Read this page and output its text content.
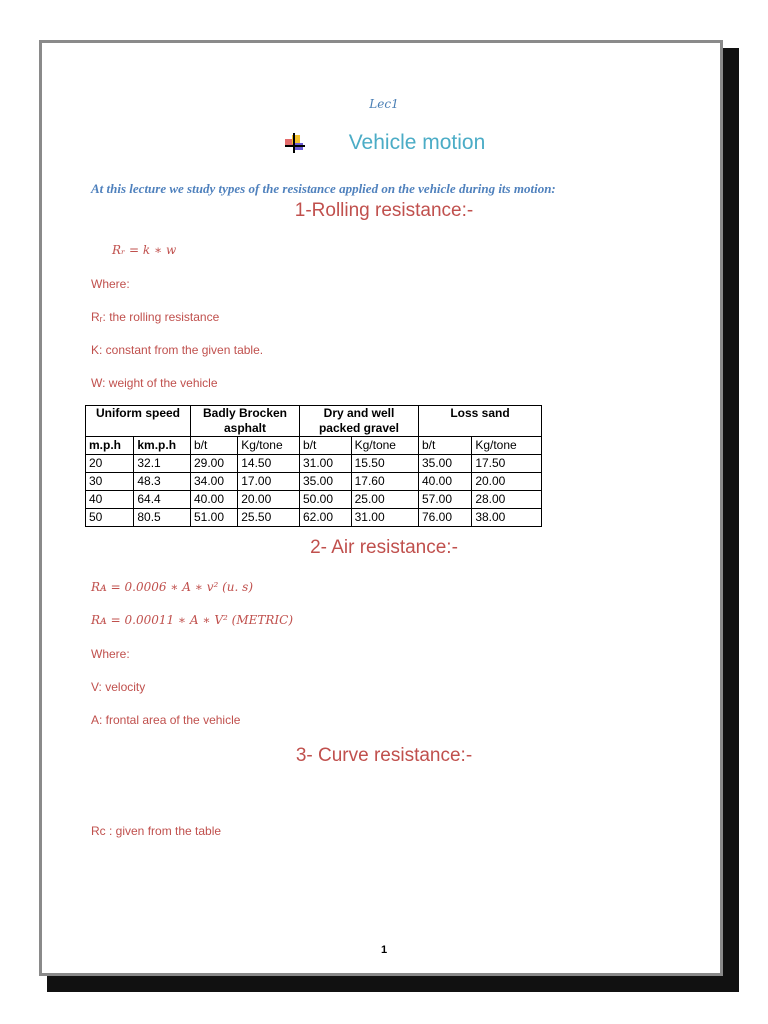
Lec1
Vehicle motion
At this lecture we study types of the resistance applied on the vehicle during its motion:
1-Rolling resistance:-
Rᵣ = k ∗ w
Where:
Rᵣ: the rolling resistance
K: constant from the given table.
W: weight of the vehicle
Uniform speed		Badly Brocken asphalt		Dry and well packed gravel		Loss sand	
m.p.h	km.p.h	b/t	Kg/tone	b/t	Kg/tone	b/t	Kg/tone
20	32.1	29.00	14.50	31.00	15.50	35.00	17.50
30	48.3	34.00	17.00	35.00	17.60	40.00	20.00
40	64.4	40.00	20.00	50.00	25.00	57.00	28.00
50	80.5	51.00	25.50	62.00	31.00	76.00	38.00
2- Air resistance:-
Rᴀ = 0.0006 ∗ A ∗ v² (u. s)
Rᴀ = 0.00011 ∗ A ∗ V² (METRIC)
Where:
V: velocity
A: frontal area of the vehicle
3- Curve resistance:-
Rᴄ : given from the table
1
